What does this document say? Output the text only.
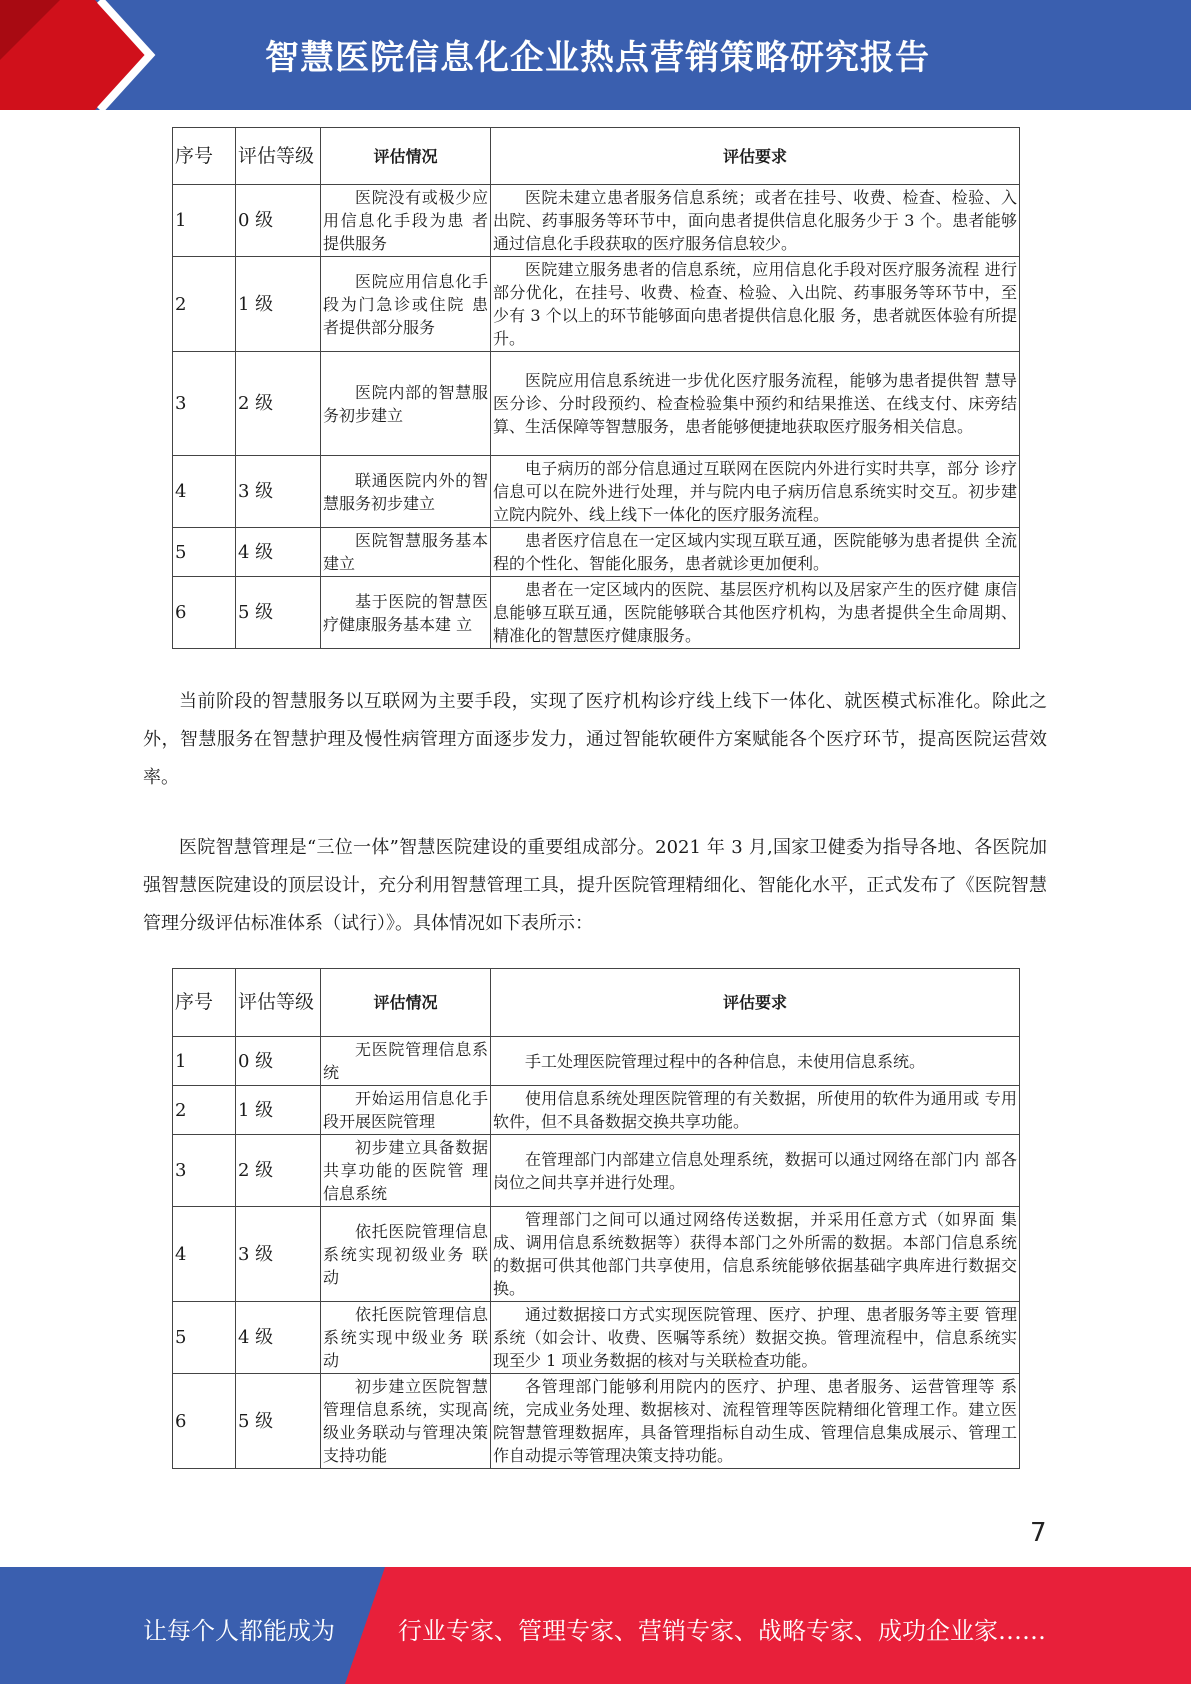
智慧医院信息化企业热点营销策略研究报告
序号	评估等级	评估情况	评估要求
1	0 级	医院没有或极少应 用信息化手段为患 者提供服务	医院未建立患者服务信息系统；或者在挂号、收费、检查、检验、入出院、药事服务等环节中，面向患者提供信息化服务少于 3 个。患者能够通过信息化手段获取的医疗服务信息较少。
2	1 级	医院应用信息化手 段为门急诊或住院 患者提供部分服务	医院建立服务患者的信息系统，应用信息化手段对医疗服务流程 进行部分优化，在挂号、收费、检查、检验、入出院、药事服务等环节中，至少有 3 个以上的环节能够面向患者提供信息化服 务，患者就医体验有所提升。
3	2 级	医院内部的智慧服 务初步建立	医院应用信息系统进一步优化医疗服务流程，能够为患者提供智 慧导医分诊、分时段预约、检查检验集中预约和结果推送、在线支付、床旁结算、生活保障等智慧服务，患者能够便捷地获取医疗服务相关信息。
4	3 级	联通医院内外的智 慧服务初步建立	电子病历的部分信息通过互联网在医院内外进行实时共享，部分 诊疗信息可以在院外进行处理，并与院内电子病历信息系统实时交互。初步建立院内院外、线上线下一体化的医疗服务流程。
5	4 级	医院智慧服务基本 建立	患者医疗信息在一定区域内实现互联互通，医院能够为患者提供 全流程的个性化、智能化服务，患者就诊更加便利。
6	5 级	基于医院的智慧医 疗健康服务基本建 立	患者在一定区域内的医院、基层医疗机构以及居家产生的医疗健 康信息能够互联互通，医院能够联合其他医疗机构，为患者提供全生命周期、精准化的智慧医疗健康服务。

当前阶段的智慧服务以互联网为主要手段，实现了医疗机构诊疗线上线下一体化、就医模式标准化。除此之外，智慧服务在智慧护理及慢性病管理方面逐步发力，通过智能软硬件方案赋能各个医疗环节，提高医院运营效率。

医院智慧管理是“三位一体”智慧医院建设的重要组成部分。2021 年 3 月,国家卫健委为指导各地、各医院加强智慧医院建设的顶层设计，充分利用智慧管理工具，提升医院管理精细化、智能化水平，正式发布了《医院智慧管理分级评估标准体系（试行）》。具体情况如下表所示：

序号	评估等级	评估情况	评估要求
1	0 级	无医院管理信息系 统	手工处理医院管理过程中的各种信息，未使用信息系统。
2	1 级	开始运用信息化手 段开展医院管理	使用信息系统处理医院管理的有关数据，所使用的软件为通用或 专用软件，但不具备数据交换共享功能。
3	2 级	初步建立具备数据 共享功能的医院管 理信息系统	在管理部门内部建立信息处理系统，数据可以通过网络在部门内 部各岗位之间共享并进行处理。
4	3 级	依托医院管理信息 系统实现初级业务 联动	管理部门之间可以通过网络传送数据，并采用任意方式（如界面 集成、调用信息系统数据等）获得本部门之外所需的数据。本部门信息系统的数据可供其他部门共享使用，信息系统能够依据基础字典库进行数据交换。
5	4 级	依托医院管理信息 系统实现中级业务 联动	通过数据接口方式实现医院管理、医疗、护理、患者服务等主要 管理系统（如会计、收费、医嘱等系统）数据交换。管理流程中，信息系统实现至少 1 项业务数据的核对与关联检查功能。
6	5 级	初步建立医院智慧 管理信息系统，实现高级业务联动与管理决策支持功能	各管理部门能够利用院内的医疗、护理、患者服务、运营管理等 系统，完成业务处理、数据核对、流程管理等医院精细化管理工作。建立医院智慧管理数据库，具备管理指标自动生成、管理信息集成展示、管理工作自动提示等管理决策支持功能。
7
让每个人都能成为	行业专家、管理专家、营销专家、战略专家、成功企业家……
